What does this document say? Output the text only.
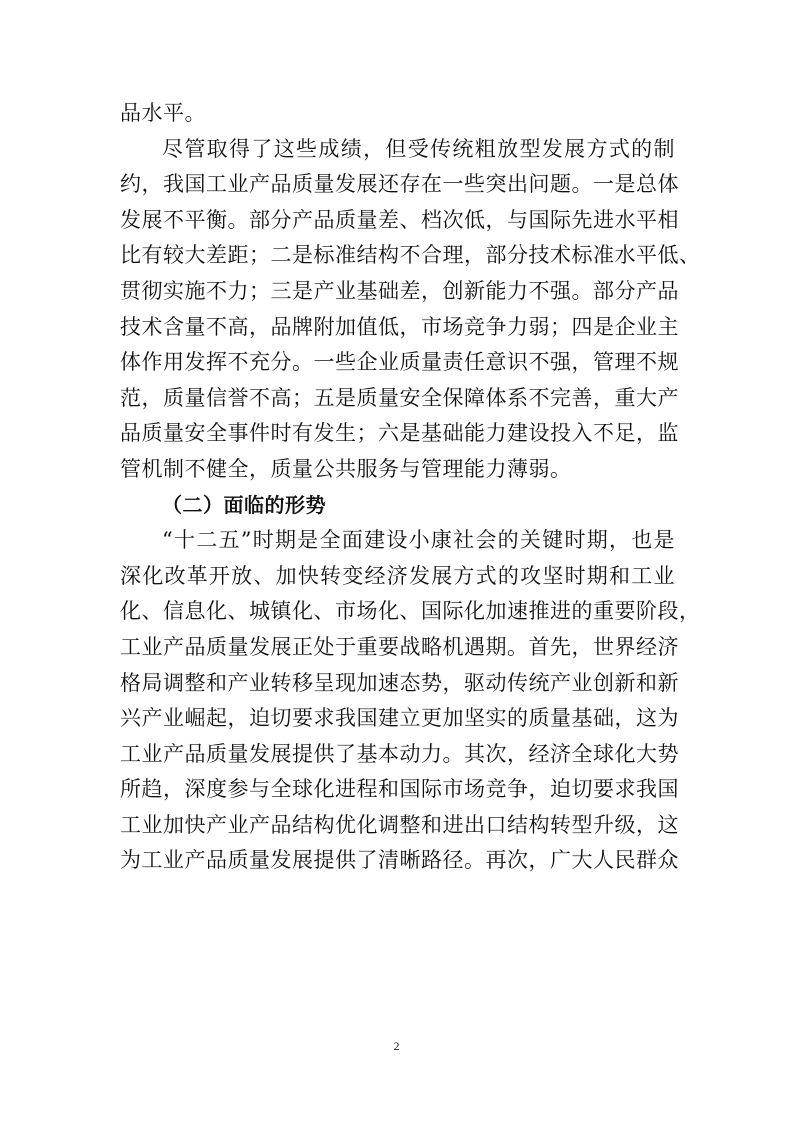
品水平。
尽管取得了这些成绩，但受传统粗放型发展方式的制
约，我国工业产品质量发展还存在一些突出问题。一是总体
发展不平衡。部分产品质量差、档次低，与国际先进水平相
比有较大差距；二是标准结构不合理，部分技术标准水平低、
贯彻实施不力；三是产业基础差，创新能力不强。部分产品
技术含量不高，品牌附加值低，市场竞争力弱；四是企业主
体作用发挥不充分。一些企业质量责任意识不强，管理不规
范，质量信誉不高；五是质量安全保障体系不完善，重大产
品质量安全事件时有发生；六是基础能力建设投入不足，监
管机制不健全，质量公共服务与管理能力薄弱。
（二）面临的形势
“十二五”时期是全面建设小康社会的关键时期，也是
深化改革开放、加快转变经济发展方式的攻坚时期和工业
化、信息化、城镇化、市场化、国际化加速推进的重要阶段，
工业产品质量发展正处于重要战略机遇期。首先，世界经济
格局调整和产业转移呈现加速态势，驱动传统产业创新和新
兴产业崛起，迫切要求我国建立更加坚实的质量基础，这为
工业产品质量发展提供了基本动力。其次，经济全球化大势
所趋，深度参与全球化进程和国际市场竞争，迫切要求我国
工业加快产业产品结构优化调整和进出口结构转型升级，这
为工业产品质量发展提供了清晰路径。再次，广大人民群众
2
